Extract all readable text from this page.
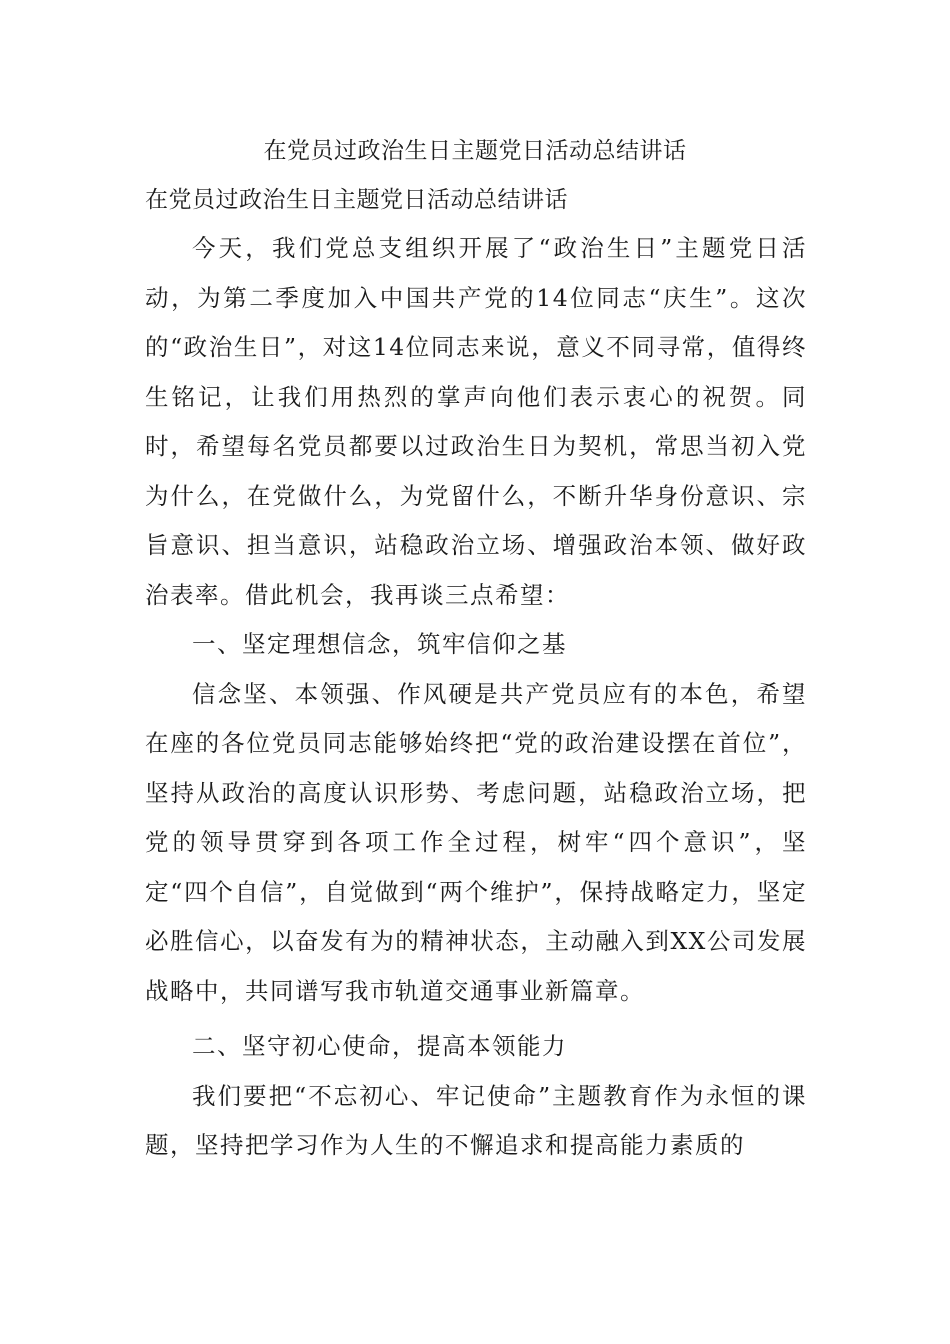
在党员过政治生日主题党日活动总结讲话

在党员过政治生日主题党日活动总结讲话

今天，我们党总支组织开展了“政治生日”主题党日活动，为第二季度加入中国共产党的14位同志“庆生”。这次的“政治生日”，对这14位同志来说，意义不同寻常，值得终生铭记，让我们用热烈的掌声向他们表示衷心的祝贺。同时，希望每名党员都要以过政治生日为契机，常思当初入党为什么，在党做什么，为党留什么，不断升华身份意识、宗旨意识、担当意识，站稳政治立场、增强政治本领、做好政治表率。借此机会，我再谈三点希望：

一、坚定理想信念，筑牢信仰之基

信念坚、本领强、作风硬是共产党员应有的本色，希望在座的各位党员同志能够始终把“党的政治建设摆在首位”，坚持从政治的高度认识形势、考虑问题，站稳政治立场，把党的领导贯穿到各项工作全过程，树牢“四个意识”，坚定“四个自信”，自觉做到“两个维护”，保持战略定力，坚定必胜信心，以奋发有为的精神状态，主动融入到XX公司发展战略中，共同谱写我市轨道交通事业新篇章。

二、坚守初心使命，提高本领能力

我们要把“不忘初心、牢记使命”主题教育作为永恒的课题，坚持把学习作为人生的不懈追求和提高能力素质的
